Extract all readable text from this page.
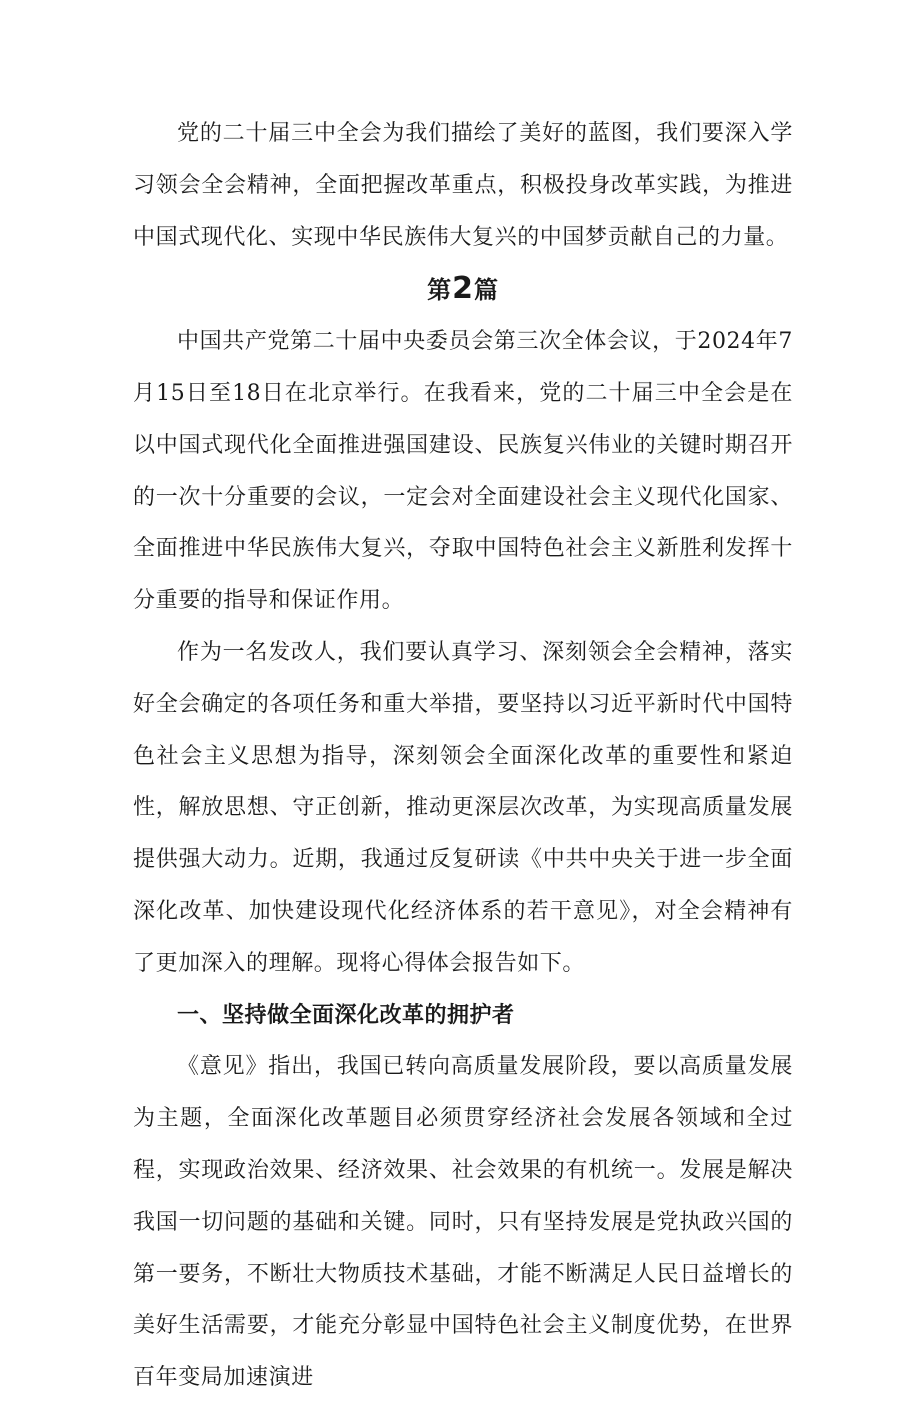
党的二十届三中全会为我们描绘了美好的蓝图，我们要深入学习领会全会精神，全面把握改革重点，积极投身改革实践，为推进中国式现代化、实现中华民族伟大复兴的中国梦贡献自己的力量。

第2篇

中国共产党第二十届中央委员会第三次全体会议，于2024年7月15日至18日在北京举行。在我看来，党的二十届三中全会是在以中国式现代化全面推进强国建设、民族复兴伟业的关键时期召开的一次十分重要的会议，一定会对全面建设社会主义现代化国家、全面推进中华民族伟大复兴，夺取中国特色社会主义新胜利发挥十分重要的指导和保证作用。

作为一名发改人，我们要认真学习、深刻领会全会精神，落实好全会确定的各项任务和重大举措，要坚持以习近平新时代中国特色社会主义思想为指导，深刻领会全面深化改革的重要性和紧迫性，解放思想、守正创新，推动更深层次改革，为实现高质量发展提供强大动力。近期，我通过反复研读《中共中央关于进一步全面深化改革、加快建设现代化经济体系的若干意见》，对全会精神有了更加深入的理解。现将心得体会报告如下。

一、坚持做全面深化改革的拥护者

《意见》指出，我国已转向高质量发展阶段，要以高质量发展为主题，全面深化改革题目必须贯穿经济社会发展各领域和全过程，实现政治效果、经济效果、社会效果的有机统一。发展是解决我国一切问题的基础和关键。同时，只有坚持发展是党执政兴国的第一要务，不断壮大物质技术基础，才能不断满足人民日益增长的美好生活需要，才能充分彰显中国特色社会主义制度优势，在世界百年变局加速演进
